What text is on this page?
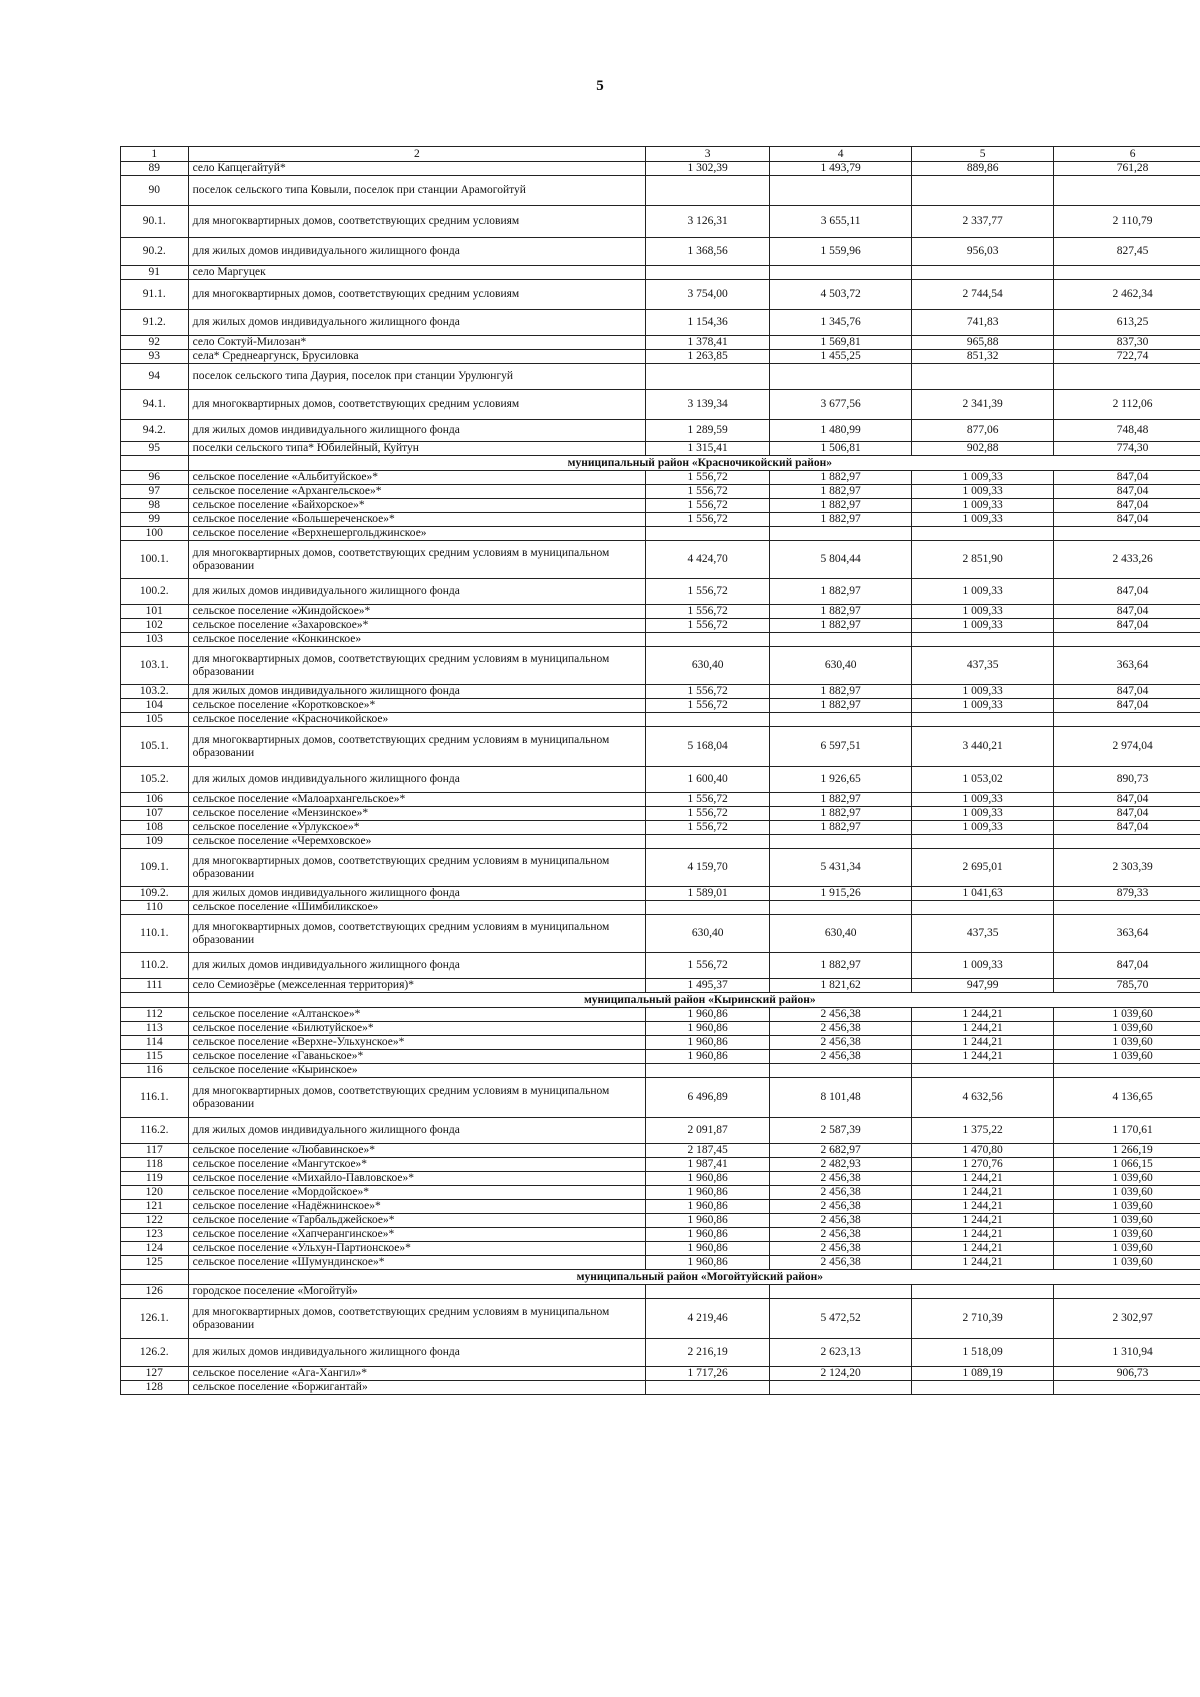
5
1	2	3	4	5	6
89	село Капцегайтуй*	1 302,39	1 493,79	889,86	761,28
90	поселок сельского типа Ковыли, поселок при станции Арамогойтуй				
90.1.	для многоквартирных домов, соответствующих средним условиям	3 126,31	3 655,11	2 337,77	2 110,79
90.2.	для жилых домов индивидуального жилищного фонда	1 368,56	1 559,96	956,03	827,45
91	село Маргуцек				
91.1.	для многоквартирных домов, соответствующих средним условиям	3 754,00	4 503,72	2 744,54	2 462,34
91.2.	для жилых домов индивидуального жилищного фонда	1 154,36	1 345,76	741,83	613,25
92	село Соктуй-Милозан*	1 378,41	1 569,81	965,88	837,30
93	села* Среднеаргунск, Брусиловка	1 263,85	1 455,25	851,32	722,74
94	поселок сельского типа Даурия, поселок при станции Урулюнгуй				
94.1.	для многоквартирных домов, соответствующих средним условиям	3 139,34	3 677,56	2 341,39	2 112,06
94.2.	для жилых домов индивидуального жилищного фонда	1 289,59	1 480,99	877,06	748,48
95	поселки сельского типа* Юбилейный, Куйтун	1 315,41	1 506,81	902,88	774,30
	муниципальный район «Красночикойский район»				
96	сельское поселение «Альбитуйское»*	1 556,72	1 882,97	1 009,33	847,04
97	сельское поселение «Архангельское»*	1 556,72	1 882,97	1 009,33	847,04
98	сельское поселение «Байхорское»*	1 556,72	1 882,97	1 009,33	847,04
99	сельское поселение «Большереченское»*	1 556,72	1 882,97	1 009,33	847,04
100	сельское поселение «Верхнешергольджинское»				
100.1.	для многоквартирных домов, соответствующих средним условиям в муниципальном образовании	4 424,70	5 804,44	2 851,90	2 433,26
100.2.	для жилых домов индивидуального жилищного фонда	1 556,72	1 882,97	1 009,33	847,04
101	сельское поселение «Жиндойское»*	1 556,72	1 882,97	1 009,33	847,04
102	сельское поселение «Захаровское»*	1 556,72	1 882,97	1 009,33	847,04
103	сельское поселение «Конкинское»				
103.1.	для многоквартирных домов, соответствующих средним условиям в муниципальном образовании	630,40	630,40	437,35	363,64
103.2.	для жилых домов индивидуального жилищного фонда	1 556,72	1 882,97	1 009,33	847,04
104	сельское поселение «Коротковское»*	1 556,72	1 882,97	1 009,33	847,04
105	сельское поселение «Красночикойское»				
105.1.	для многоквартирных домов, соответствующих средним условиям в муниципальном образовании	5 168,04	6 597,51	3 440,21	2 974,04
105.2.	для жилых домов индивидуального жилищного фонда	1 600,40	1 926,65	1 053,02	890,73
106	сельское поселение «Малоархангельское»*	1 556,72	1 882,97	1 009,33	847,04
107	сельское поселение «Мензинское»*	1 556,72	1 882,97	1 009,33	847,04
108	сельское поселение «Урлукское»*	1 556,72	1 882,97	1 009,33	847,04
109	сельское поселение «Черемховское»				
109.1.	для многоквартирных домов, соответствующих средним условиям в муниципальном образовании	4 159,70	5 431,34	2 695,01	2 303,39
109.2.	для жилых домов индивидуального жилищного фонда	1 589,01	1 915,26	1 041,63	879,33
110	сельское поселение «Шимбиликское»				
110.1.	для многоквартирных домов, соответствующих средним условиям в муниципальном образовании	630,40	630,40	437,35	363,64
110.2.	для жилых домов индивидуального жилищного фонда	1 556,72	1 882,97	1 009,33	847,04
111	село Семиозёрье (межселенная территория)*	1 495,37	1 821,62	947,99	785,70
	муниципальный район «Кыринский район»				
112	сельское поселение «Алтанское»*	1 960,86	2 456,38	1 244,21	1 039,60
113	сельское поселение «Билютуйское»*	1 960,86	2 456,38	1 244,21	1 039,60
114	сельское поселение «Верхне-Ульхунское»*	1 960,86	2 456,38	1 244,21	1 039,60
115	сельское поселение «Гаваньское»*	1 960,86	2 456,38	1 244,21	1 039,60
116	сельское поселение «Кыринское»				
116.1.	для многоквартирных домов, соответствующих средним условиям в муниципальном образовании	6 496,89	8 101,48	4 632,56	4 136,65
116.2.	для жилых домов индивидуального жилищного фонда	2 091,87	2 587,39	1 375,22	1 170,61
117	сельское поселение «Любавинское»*	2 187,45	2 682,97	1 470,80	1 266,19
118	сельское поселение «Мангутское»*	1 987,41	2 482,93	1 270,76	1 066,15
119	сельское поселение «Михайло-Павловское»*	1 960,86	2 456,38	1 244,21	1 039,60
120	сельское поселение «Мордойское»*	1 960,86	2 456,38	1 244,21	1 039,60
121	сельское поселение «Надёжнинское»*	1 960,86	2 456,38	1 244,21	1 039,60
122	сельское поселение «Тарбальджейское»*	1 960,86	2 456,38	1 244,21	1 039,60
123	сельское поселение «Хапчерангинское»*	1 960,86	2 456,38	1 244,21	1 039,60
124	сельское поселение «Ульхун-Партионское»*	1 960,86	2 456,38	1 244,21	1 039,60
125	сельское поселение «Шумундинское»*	1 960,86	2 456,38	1 244,21	1 039,60
	муниципальный район «Могойтуйский район»				
126	городское поселение «Могойтуй»				
126.1.	для многоквартирных домов, соответствующих средним условиям в муниципальном образовании	4 219,46	5 472,52	2 710,39	2 302,97
126.2.	для жилых домов индивидуального жилищного фонда	2 216,19	2 623,13	1 518,09	1 310,94
127	сельское поселение «Ага-Хангил»*	1 717,26	2 124,20	1 089,19	906,73
128	сельское поселение «Боржигантай»				
